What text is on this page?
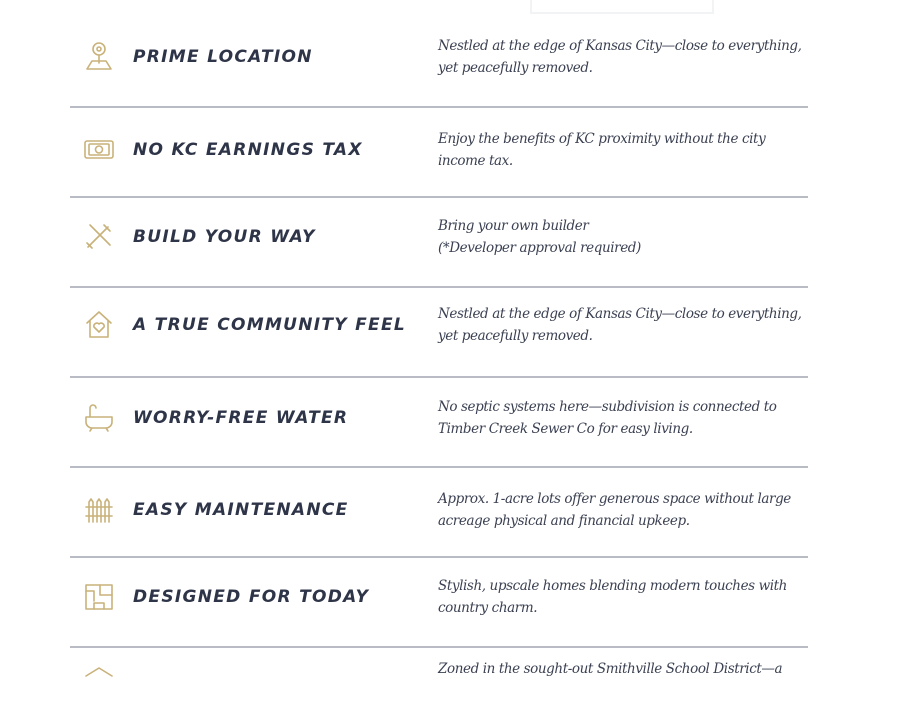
PRIME LOCATION
Nestled at the edge of Kansas City—close to everything,
yet peacefully removed.
NO KC EARNINGS TAX
Enjoy the benefits of KC proximity without the city
income tax.
BUILD YOUR WAY
Bring your own builder
(*Developer approval required)
A TRUE COMMUNITY FEEL
Nestled at the edge of Kansas City—close to everything,
yet peacefully removed.
WORRY-FREE WATER
No septic systems here—subdivision is connected to
Timber Creek Sewer Co for easy living.
EASY MAINTENANCE
Approx. 1-acre lots offer generous space without large
acreage physical and financial upkeep.
DESIGNED FOR TODAY
Stylish, upscale homes blending modern touches with
country charm.
Zoned in the sought-out Smithville School District—a
